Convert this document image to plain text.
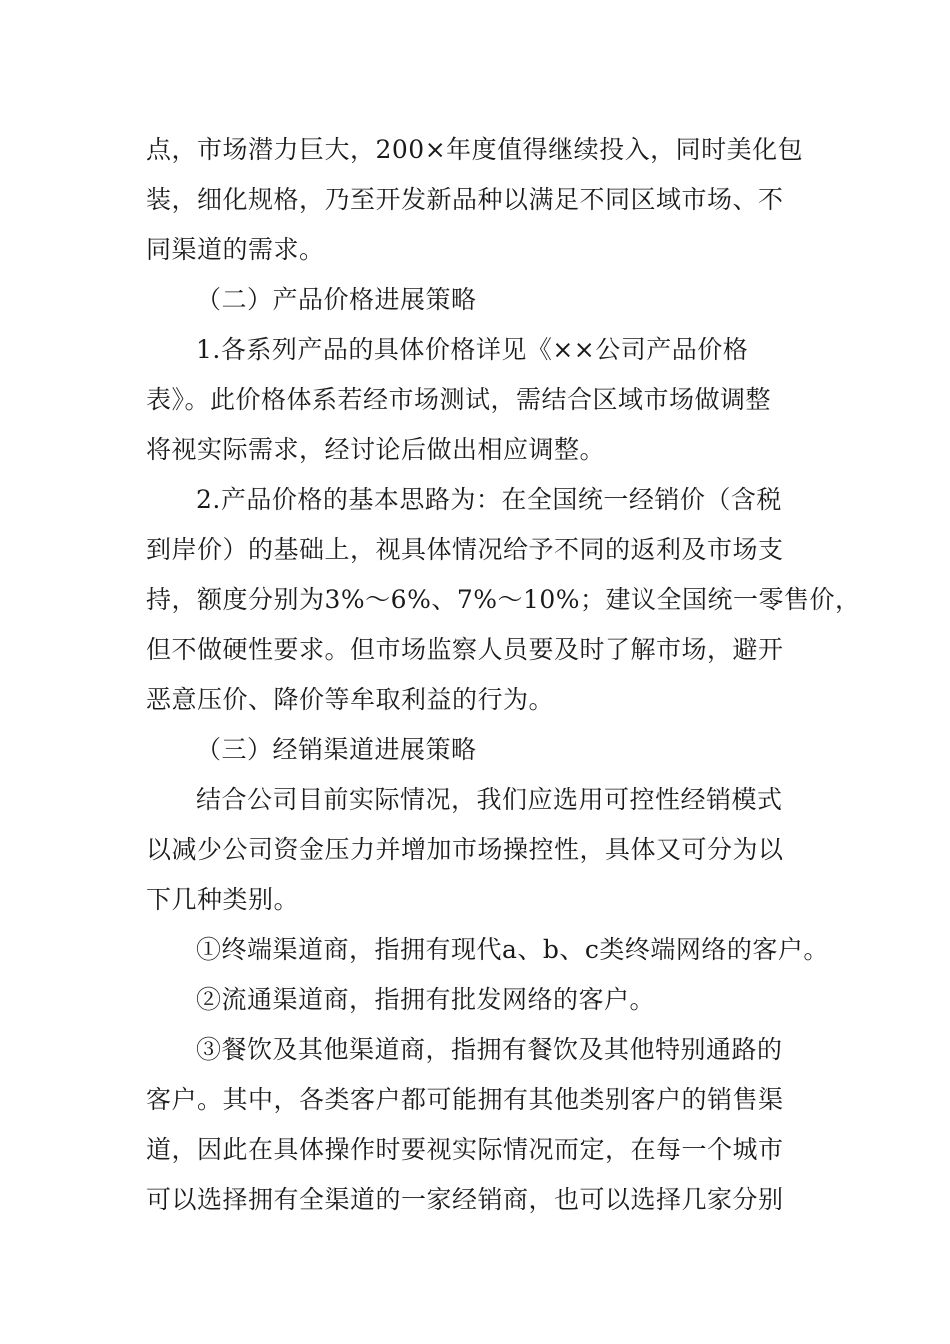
点，市场潜力巨大，200×年度值得继续投入，同时美化包
装，细化规格，乃至开发新品种以满足不同区域市场、不
同渠道的需求。
（二）产品价格进展策略
1.各系列产品的具体价格详见《××公司产品价格
表》。此价格体系若经市场测试，需结合区域市场做调整
将视实际需求，经讨论后做出相应调整。
2.产品价格的基本思路为：在全国统一经销价（含税
到岸价）的基础上，视具体情况给予不同的返利及市场支
持，额度分别为3%～6%、7%～10%；建议全国统一零售价，
但不做硬性要求。但市场监察人员要及时了解市场，避开
恶意压价、降价等牟取利益的行为。
（三）经销渠道进展策略
结合公司目前实际情况，我们应选用可控性经销模式
以减少公司资金压力并增加市场操控性，具体又可分为以
下几种类别。
①终端渠道商，指拥有现代a、b、c类终端网络的客户。
②流通渠道商，指拥有批发网络的客户。
③餐饮及其他渠道商，指拥有餐饮及其他特别通路的
客户。其中，各类客户都可能拥有其他类别客户的销售渠
道，因此在具体操作时要视实际情况而定，在每一个城市
可以选择拥有全渠道的一家经销商，也可以选择几家分别
